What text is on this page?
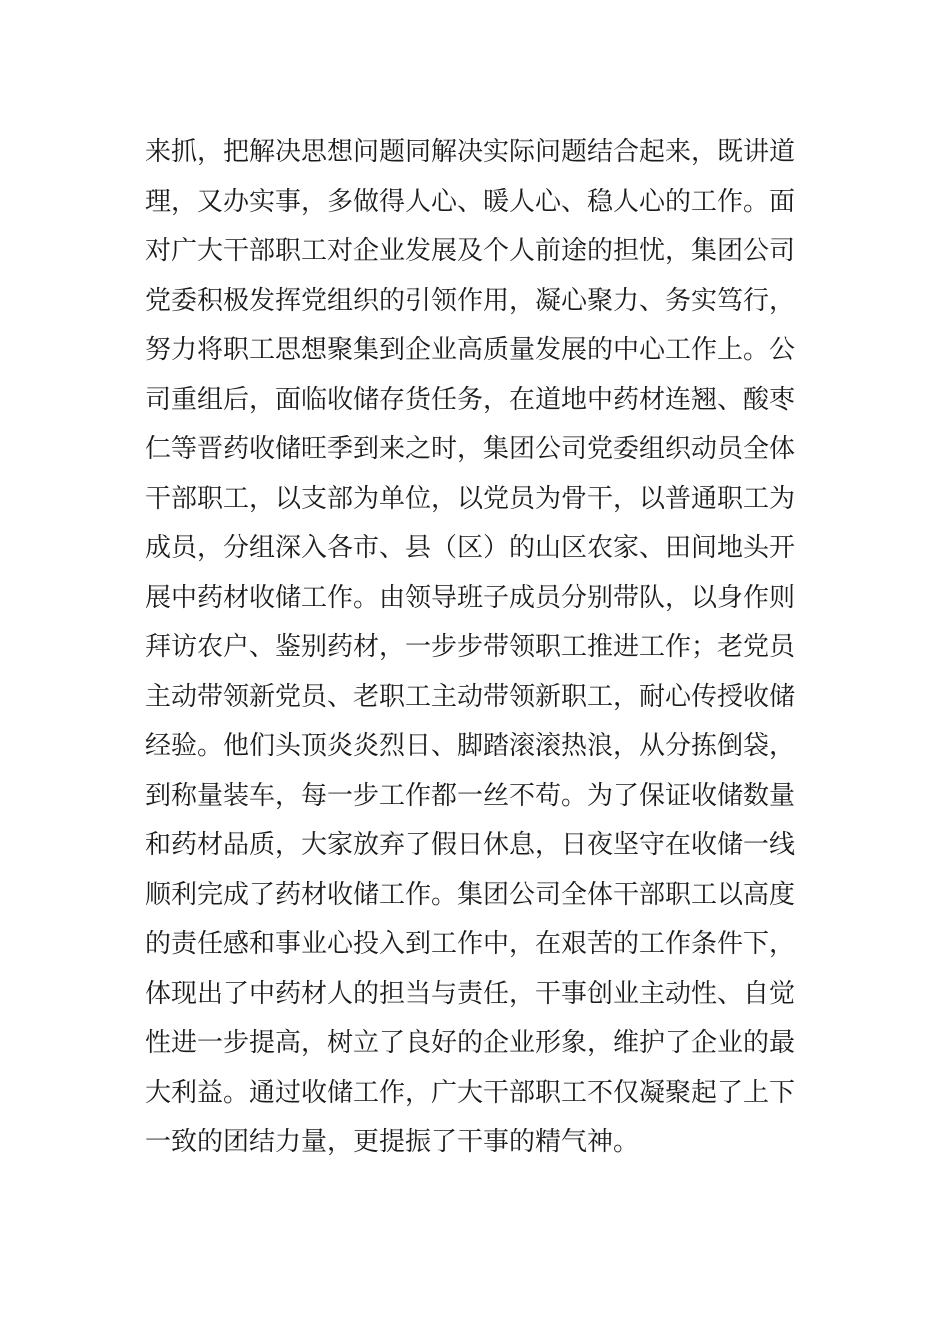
来抓，把解决思想问题同解决实际问题结合起来，既讲道
理，又办实事，多做得人心、暖人心、稳人心的工作。面
对广大干部职工对企业发展及个人前途的担忧，集团公司
党委积极发挥党组织的引领作用，凝心聚力、务实笃行，
努力将职工思想聚集到企业高质量发展的中心工作上。公
司重组后，面临收储存货任务，在道地中药材连翘、酸枣
仁等晋药收储旺季到来之时，集团公司党委组织动员全体
干部职工，以支部为单位，以党员为骨干，以普通职工为
成员，分组深入各市、县（区）的山区农家、田间地头开
展中药材收储工作。由领导班子成员分别带队，以身作则
拜访农户、鉴别药材，一步步带领职工推进工作；老党员
主动带领新党员、老职工主动带领新职工，耐心传授收储
经验。他们头顶炎炎烈日、脚踏滚滚热浪，从分拣倒袋，
到称量装车，每一步工作都一丝不苟。为了保证收储数量
和药材品质，大家放弃了假日休息，日夜坚守在收储一线
顺利完成了药材收储工作。集团公司全体干部职工以高度
的责任感和事业心投入到工作中，在艰苦的工作条件下，
体现出了中药材人的担当与责任，干事创业主动性、自觉
性进一步提高，树立了良好的企业形象，维护了企业的最
大利益。通过收储工作，广大干部职工不仅凝聚起了上下
一致的团结力量，更提振了干事的精气神。
